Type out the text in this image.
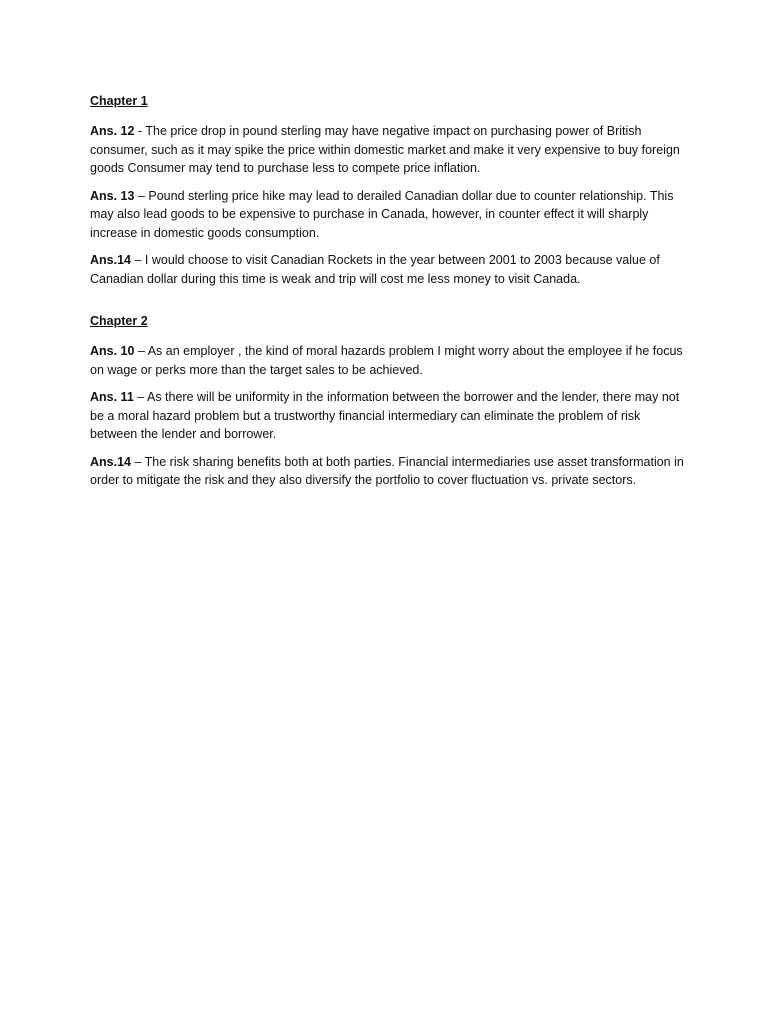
Chapter 1

Ans. 12 - The price drop in pound sterling may have negative impact on purchasing power of British consumer, such as it may spike the price within domestic market and make it very expensive to buy foreign goods Consumer may tend to purchase less to compete price inflation.

Ans. 13 – Pound sterling price hike may lead to derailed Canadian dollar due to counter relationship. This may also lead goods to be expensive to purchase in Canada, however, in counter effect it will sharply increase in domestic goods consumption.

Ans.14 – I would choose to visit Canadian Rockets in the year between 2001 to 2003 because value of Canadian dollar during this time is weak and trip will cost me less money to visit Canada.

Chapter 2

Ans. 10 – As an employer , the kind of moral hazards problem I might worry about the employee if he focus on wage or perks more than the target sales to be achieved.

Ans. 11 – As there will be uniformity in the information between the borrower and the lender, there may not be a moral hazard problem but a trustworthy financial intermediary can eliminate the problem of risk between the lender and borrower.

Ans.14 – The risk sharing benefits both at both parties. Financial intermediaries use asset transformation in order to mitigate the risk and they also diversify the portfolio to cover fluctuation vs. private sectors.
